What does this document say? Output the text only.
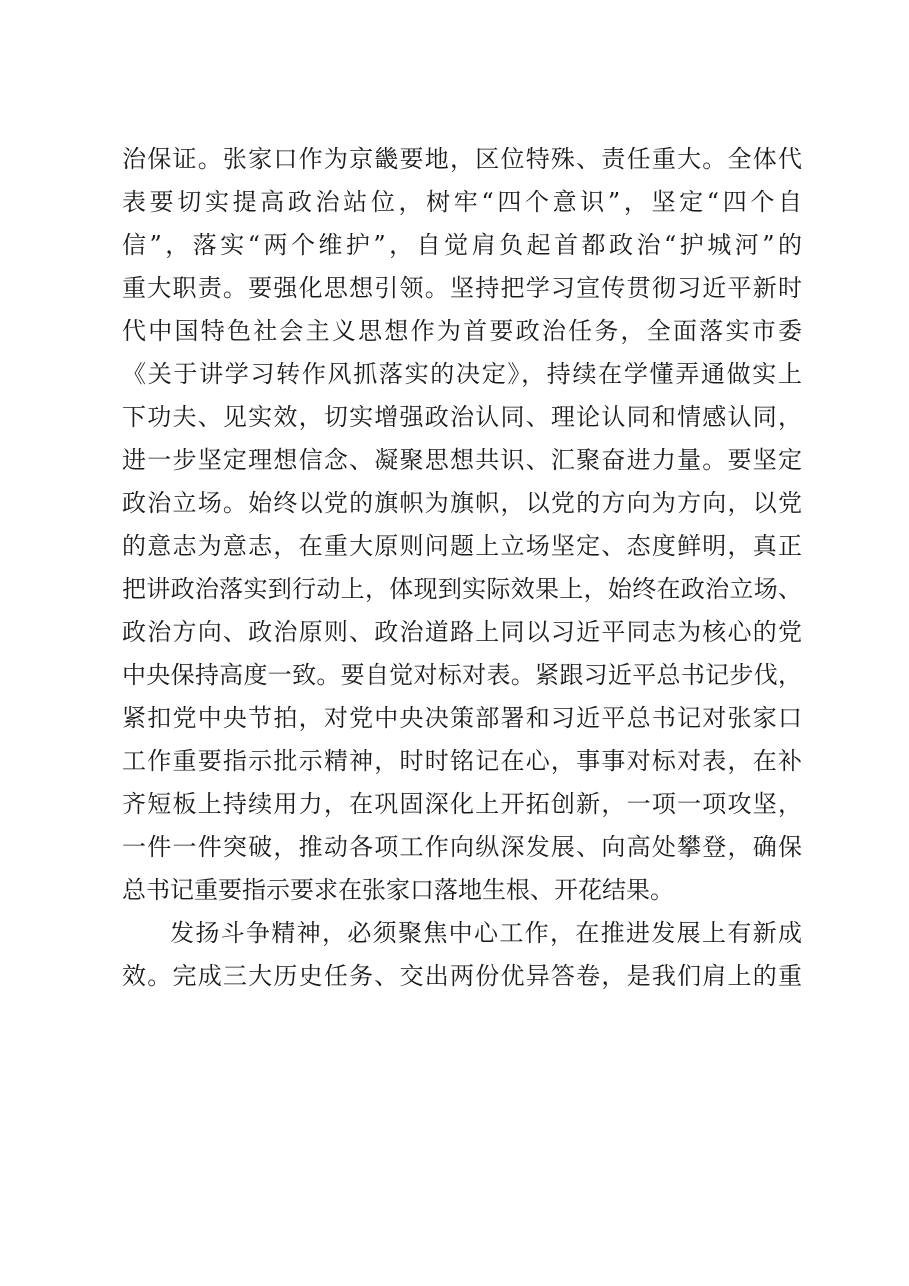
治保证。张家口作为京畿要地，区位特殊、责任重大。全体代
表要切实提高政治站位，树牢“四个意识”，坚定“四个自
信”，落实“两个维护”，自觉肩负起首都政治“护城河”的
重大职责。要强化思想引领。坚持把学习宣传贯彻习近平新时
代中国特色社会主义思想作为首要政治任务，全面落实市委
《关于讲学习转作风抓落实的决定》，持续在学懂弄通做实上
下功夫、见实效，切实增强政治认同、理论认同和情感认同，
进一步坚定理想信念、凝聚思想共识、汇聚奋进力量。要坚定
政治立场。始终以党的旗帜为旗帜，以党的方向为方向，以党
的意志为意志，在重大原则问题上立场坚定、态度鲜明，真正
把讲政治落实到行动上，体现到实际效果上，始终在政治立场、
政治方向、政治原则、政治道路上同以习近平同志为核心的党
中央保持高度一致。要自觉对标对表。紧跟习近平总书记步伐，
紧扣党中央节拍，对党中央决策部署和习近平总书记对张家口
工作重要指示批示精神，时时铭记在心，事事对标对表，在补
齐短板上持续用力，在巩固深化上开拓创新，一项一项攻坚，
一件一件突破，推动各项工作向纵深发展、向高处攀登，确保
总书记重要指示要求在张家口落地生根、开花结果。
发扬斗争精神，必须聚焦中心工作，在推进发展上有新成
效。完成三大历史任务、交出两份优异答卷，是我们肩上的重
